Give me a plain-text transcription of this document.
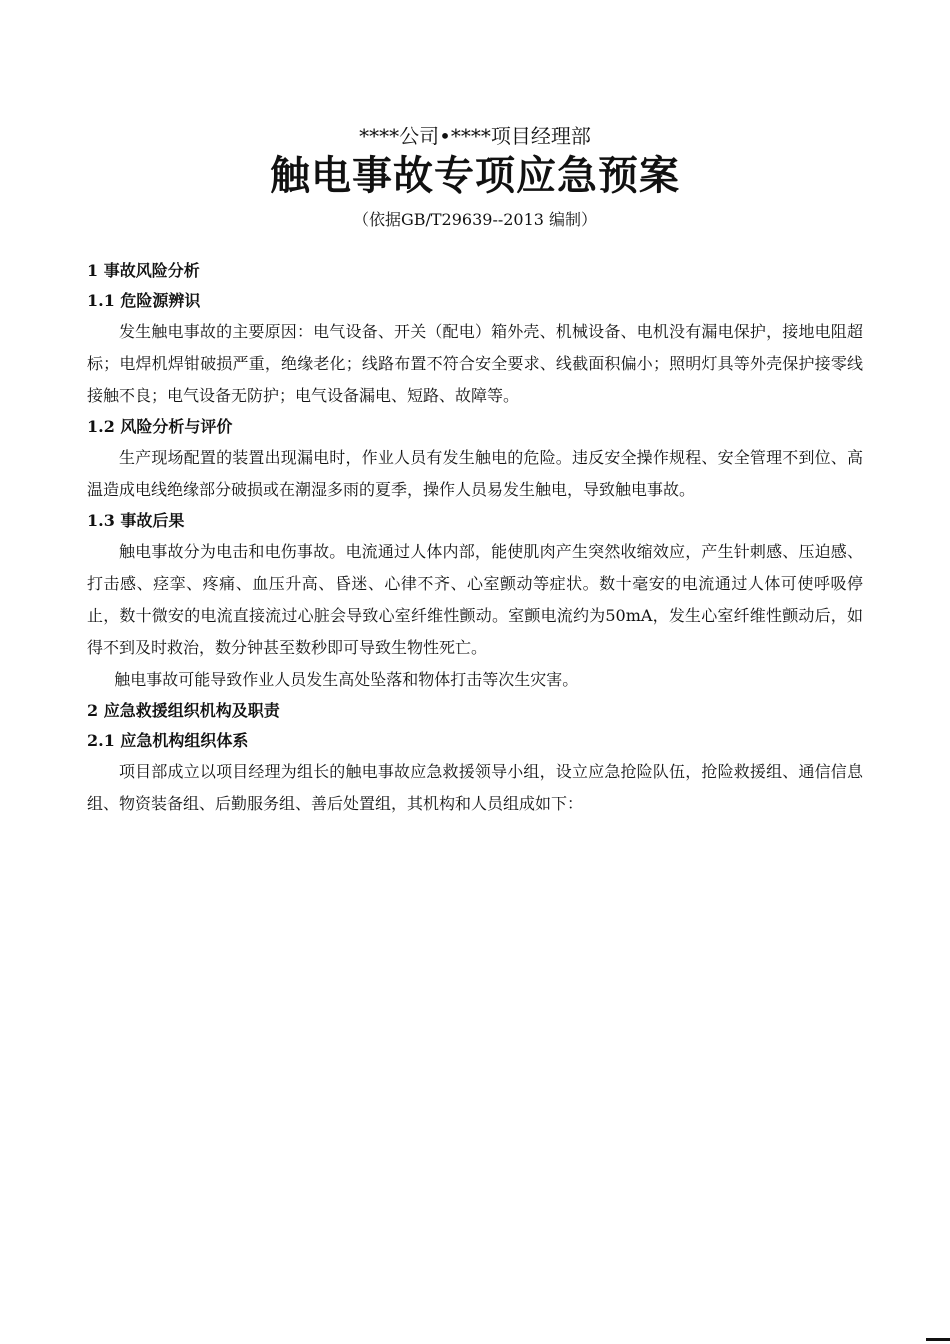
****公司•****项目经理部
触电事故专项应急预案
（依据GB/T29639--2013 编制）

1 事故风险分析

1.1 危险源辨识

发生触电事故的主要原因：电气设备、开关（配电）箱外壳、机械设备、电机没有漏电保护，接地电阻超标；电焊机焊钳破损严重，绝缘老化；线路布置不符合安全要求、线截面积偏小；照明灯具等外壳保护接零线接触不良；电气设备无防护；电气设备漏电、短路、故障等。

1.2 风险分析与评价

生产现场配置的装置出现漏电时，作业人员有发生触电的危险。违反安全操作规程、安全管理不到位、高温造成电线绝缘部分破损或在潮湿多雨的夏季，操作人员易发生触电，导致触电事故。

1.3 事故后果

触电事故分为电击和电伤事故。电流通过人体内部，能使肌肉产生突然收缩效应，产生针刺感、压迫感、打击感、痉挛、疼痛、血压升高、昏迷、心律不齐、心室颤动等症状。数十毫安的电流通过人体可使呼吸停止，数十微安的电流直接流过心脏会导致心室纤维性颤动。室颤电流约为50mA，发生心室纤维性颤动后，如得不到及时救治，数分钟甚至数秒即可导致生物性死亡。

触电事故可能导致作业人员发生高处坠落和物体打击等次生灾害。

2 应急救援组织机构及职责

2.1 应急机构组织体系

项目部成立以项目经理为组长的触电事故应急救援领导小组，设立应急抢险队伍，抢险救援组、通信信息组、物资装备组、后勤服务组、善后处置组，其机构和人员组成如下：
